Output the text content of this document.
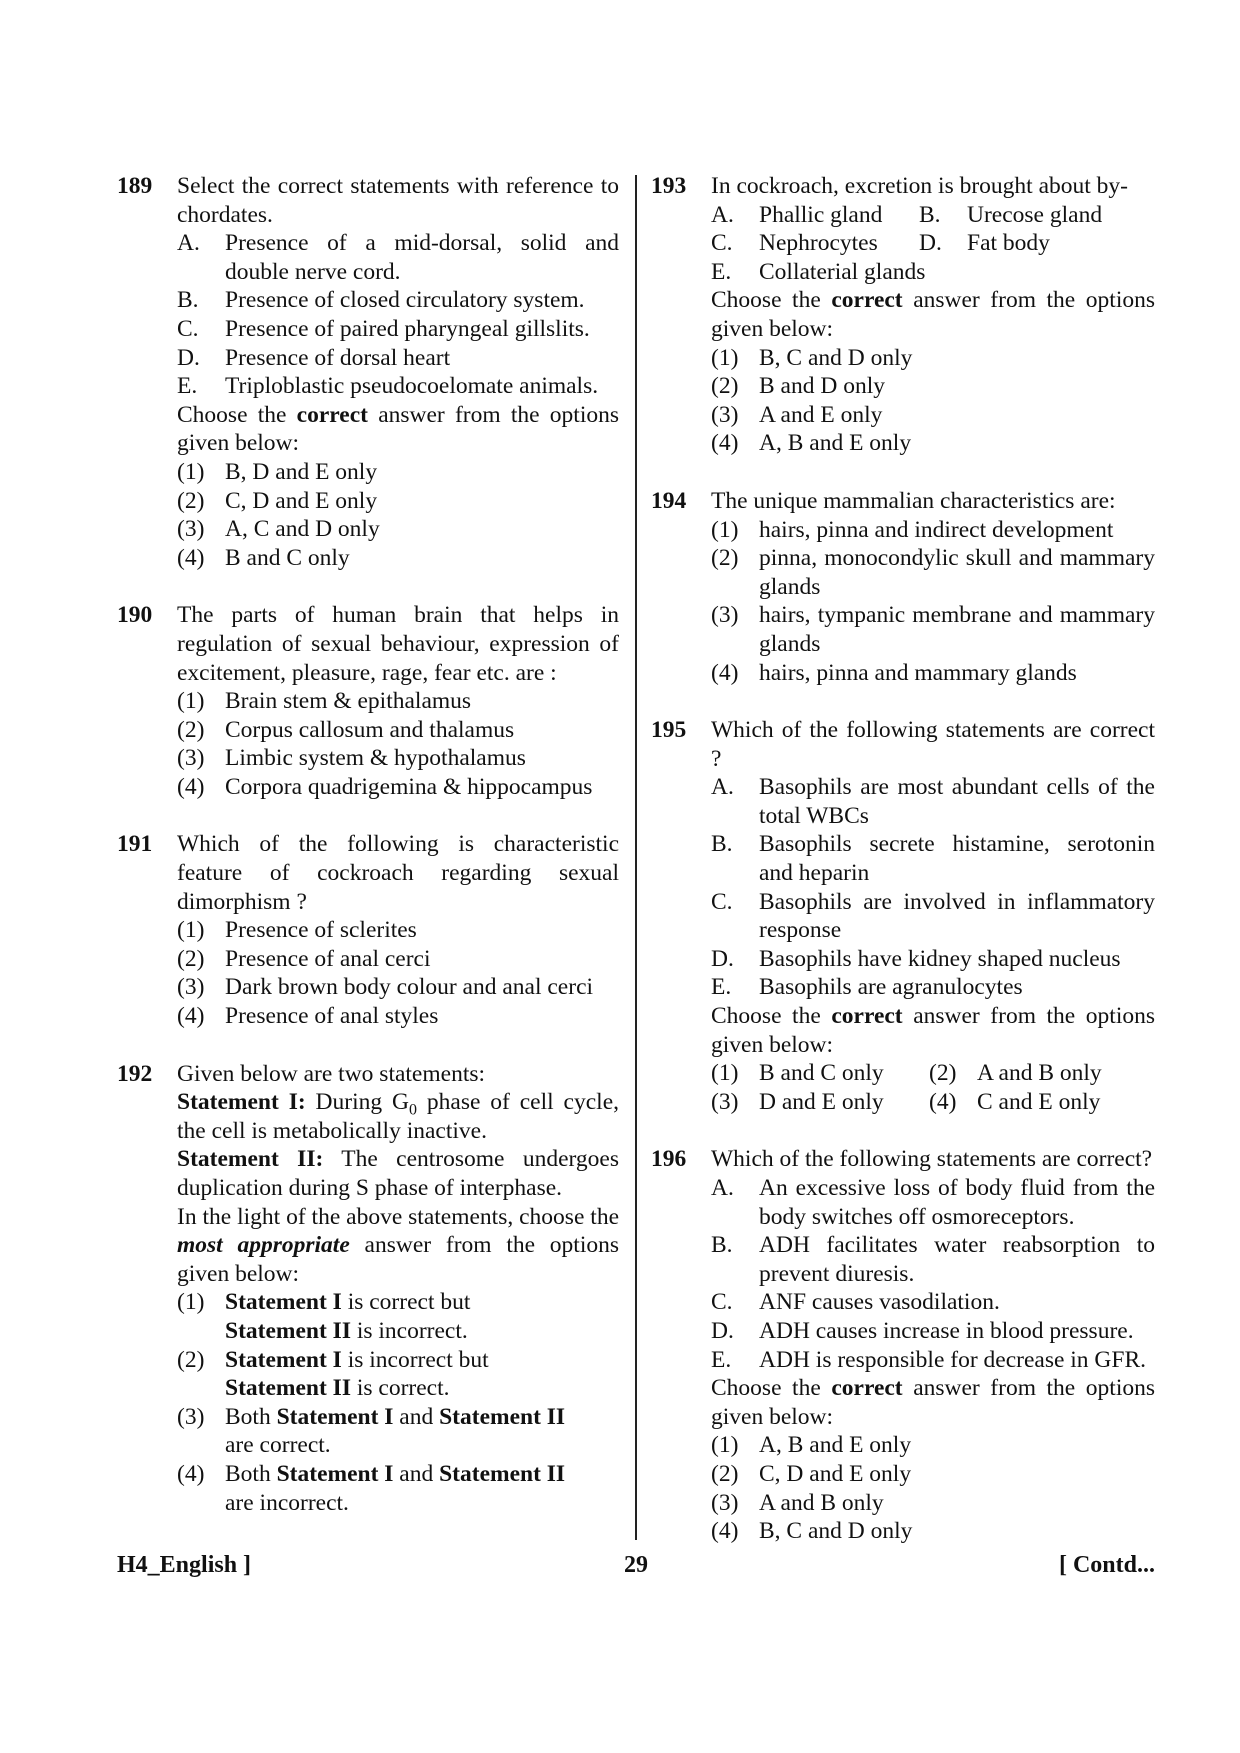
189 Select the correct statements with reference to chordates.
A.	Presence of a mid-dorsal, solid and double nerve cord.
B.	Presence of closed circulatory system.
C.	Presence of paired pharyngeal gillslits.
D.	Presence of dorsal heart
E.	Triploblastic pseudocoelomate animals.
Choose the correct answer from the options given below:
(1) B, D and E only
(2) C, D and E only
(3) A, C and D only
(4) B and C only
190 The parts of human brain that helps in regulation of sexual behaviour, expression of excitement, pleasure, rage, fear etc. are :
(1) Brain stem & epithalamus
(2) Corpus callosum and thalamus
(3) Limbic system & hypothalamus
(4) Corpora quadrigemina & hippocampus
191 Which of the following is characteristic feature of cockroach regarding sexual dimorphism ?
(1) Presence of sclerites
(2) Presence of anal cerci
(3) Dark brown body colour and anal cerci
(4) Presence of anal styles
192 Given below are two statements:
Statement I: During $G_0$ phase of cell cycle, the cell is metabolically inactive.
Statement II: The centrosome undergoes duplication during S phase of interphase.
In the light of the above statements, choose the most appropriate answer from the options given below:
(1) Statement I is correct but
Statement II is incorrect.
(2) Statement I is incorrect but
Statement II is correct.
(3) Both Statement I and Statement II
are correct.
(4) Both Statement I and Statement II
are incorrect.
193 In cockroach, excretion is brought about by-
A.	Phallic gland B.	Urecose gland
C.	Nephrocytes D.	Fat body
E.	Collaterial glands
Choose the correct answer from the options given below:
(1) B, C and D only
(2) B and D only
(3) A and E only
(4) A, B and E only
194 The unique mammalian characteristics are:
(1) hairs, pinna and indirect development
(2) pinna, monocondylic skull and mammary glands
(3) hairs, tympanic membrane and mammary glands
(4) hairs, pinna and mammary glands
195 Which of the following statements are correct ?
A.	Basophils are most abundant cells of the total WBCs
B.	Basophils secrete histamine, serotonin and heparin
C.	Basophils are involved in inflammatory response
D.	Basophils have kidney shaped nucleus
E.	Basophils are agranulocytes
Choose the correct answer from the options given below:
(1) B and C only (2) A and B only
(3) D and E only (4) C and E only
196 Which of the following statements are correct?
A.	An excessive loss of body fluid from the body switches off osmoreceptors.
B.	ADH facilitates water reabsorption to prevent diuresis.
C.	ANF causes vasodilation.
D.	ADH causes increase in blood pressure.
E.	ADH is responsible for decrease in GFR.
Choose the correct answer from the options given below:
(1) A, B and E only
(2) C, D and E only
(3) A and B only
(4) B, C and D only
H4_English ]	29	[ Contd...
